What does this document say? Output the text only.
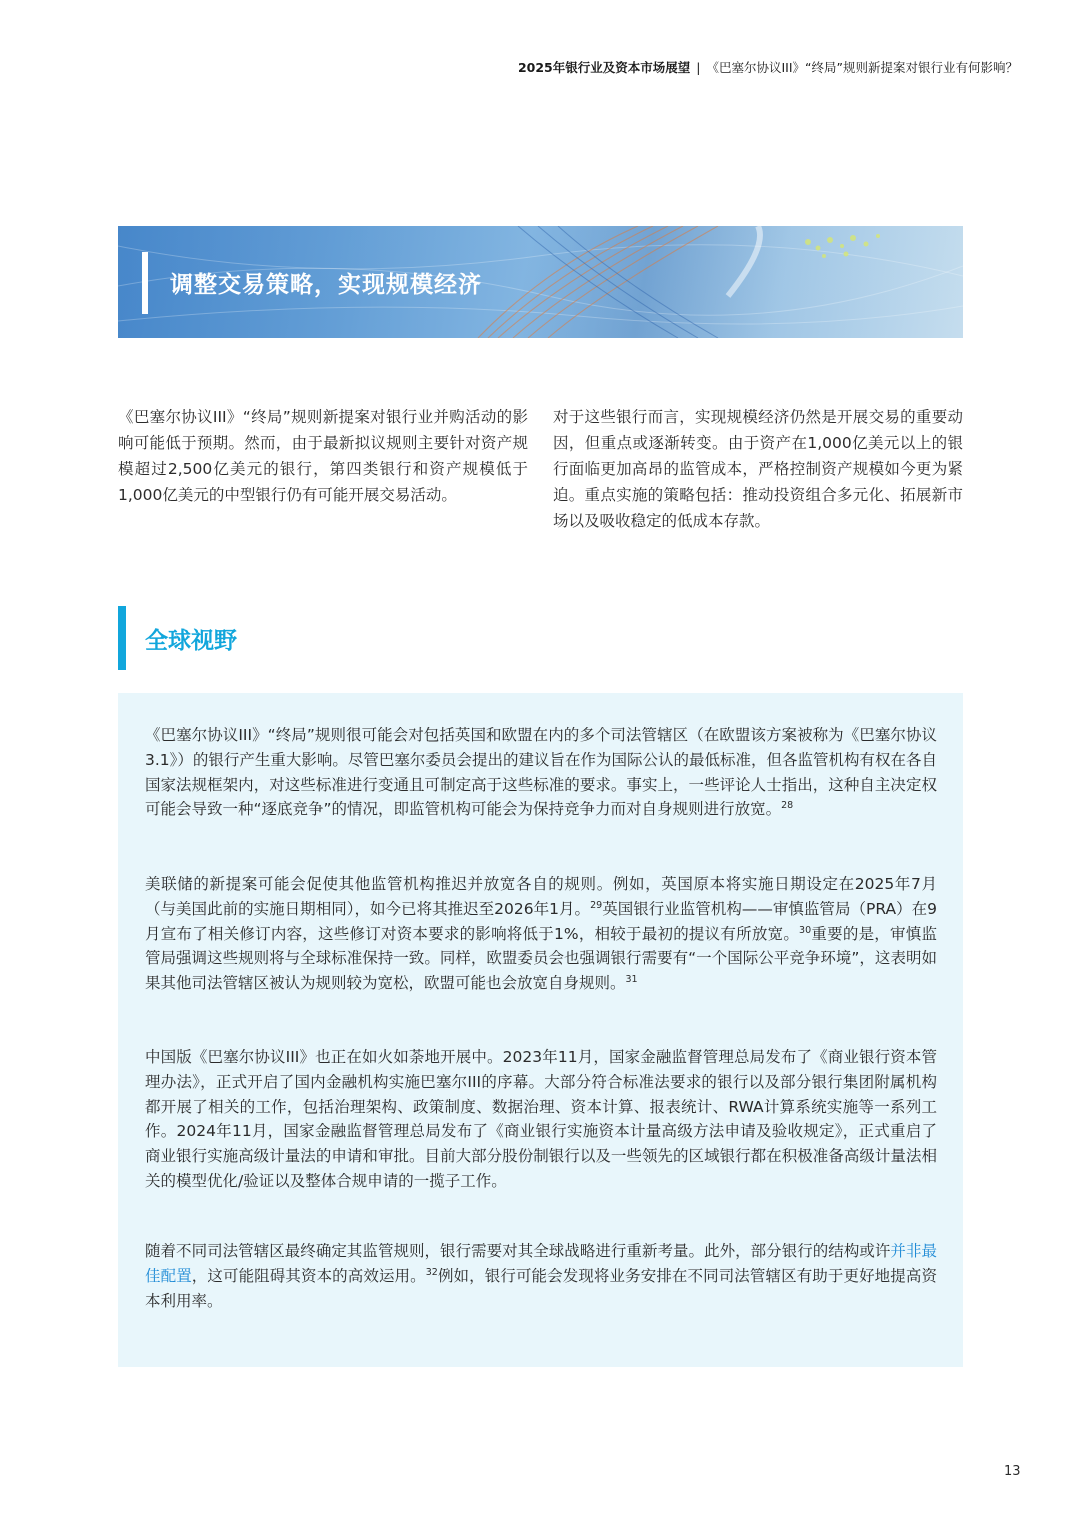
2025年银行业及资本市场展望 | 《巴塞尔协议III》“终局”规则新提案对银行业有何影响？
调整交易策略，实现规模经济
《巴塞尔协议III》“终局”规则新提案对银行业并购活动的影响可能低于预期。然而，由于最新拟议规则主要针对资产规模超过2,500亿美元的银行，第四类银行和资产规模低于1,000亿美元的中型银行仍有可能开展交易活动。
对于这些银行而言，实现规模经济仍然是开展交易的重要动因，但重点或逐渐转变。由于资产在1,000亿美元以上的银行面临更加高昂的监管成本，严格控制资产规模如今更为紧迫。重点实施的策略包括：推动投资组合多元化、拓展新市场以及吸收稳定的低成本存款。
全球视野
《巴塞尔协议III》“终局”规则很可能会对包括英国和欧盟在内的多个司法管辖区（在欧盟该方案被称为《巴塞尔协议 3.1》）的银行产生重大影响。尽管巴塞尔委员会提出的建议旨在作为国际公认的最低标准，但各监管机构有权在各自国家法规框架内，对这些标准进行变通且可制定高于这些标准的要求。事实上，一些评论人士指出，这种自主决定权可能会导致一种“逐底竞争”的情况，即监管机构可能会为保持竞争力而对自身规则进行放宽。$^{28}$
美联储的新提案可能会促使其他监管机构推迟并放宽各自的规则。例如，英国原本将实施日期设定在2025年7月（与美国此前的实施日期相同），如今已将其推迟至2026年1月。$^{29}$英国银行业监管机构——审慎监管局（PRA）在9月宣布了相关修订内容，这些修订对资本要求的影响将低于1%，相较于最初的提议有所放宽。$^{30}$重要的是，审慎监管局强调这些规则将与全球标准保持一致。同样，欧盟委员会也强调银行需要有“一个国际公平竞争环境”，这表明如果其他司法管辖区被认为规则较为宽松，欧盟可能也会放宽自身规则。$^{31}$
中国版《巴塞尔协议III》也正在如火如荼地开展中。2023年11月，国家金融监督管理总局发布了《商业银行资本管理办法》，正式开启了国内金融机构实施巴塞尔III的序幕。大部分符合标准法要求的银行以及部分银行集团附属机构都开展了相关的工作，包括治理架构、政策制度、数据治理、资本计算、报表统计、RWA计算系统实施等一系列工作。2024年11月，国家金融监督管理总局发布了《商业银行实施资本计量高级方法申请及验收规定》，正式重启了商业银行实施高级计量法的申请和审批。目前大部分股份制银行以及一些领先的区域银行都在积极准备高级计量法相关的模型优化/验证以及整体合规申请的一揽子工作。
随着不同司法管辖区最终确定其监管规则，银行需要对其全球战略进行重新考量。此外，部分银行的结构或许并非最佳配置，这可能阻碍其资本的高效运用。$^{32}$例如，银行可能会发现将业务安排在不同司法管辖区有助于更好地提高资本利用率。
13
